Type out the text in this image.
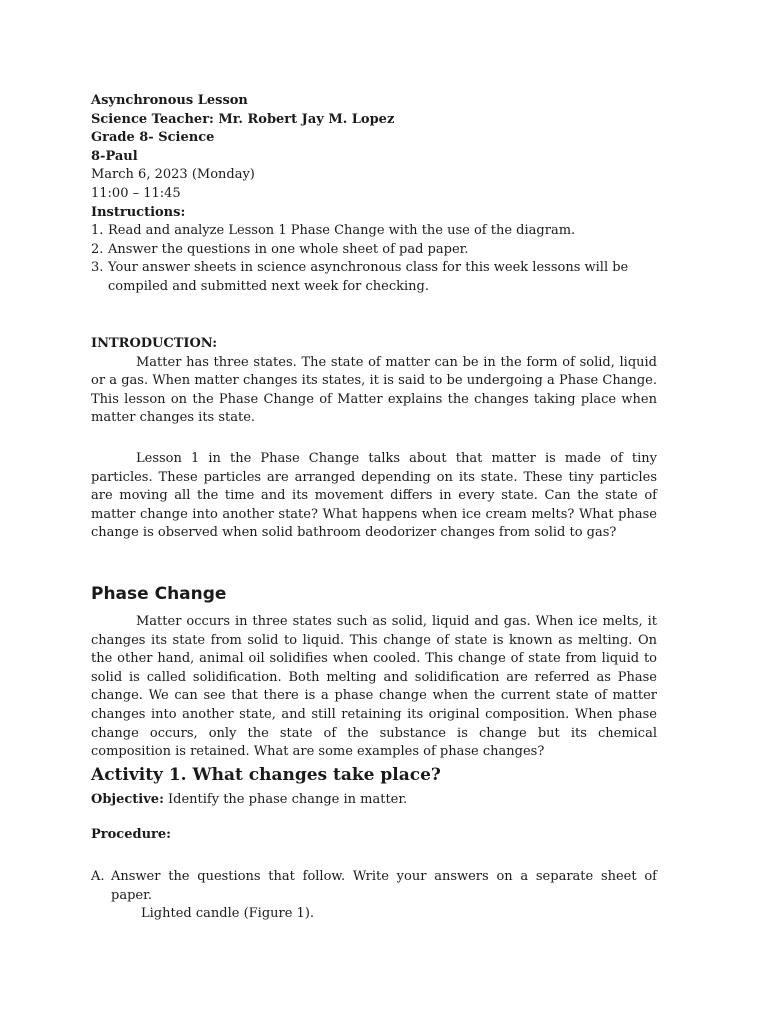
Asynchronous Lesson
Science Teacher: Mr. Robert Jay M. Lopez
Grade 8- Science
8-Paul
March 6, 2023 (Monday)
11:00 – 11:45
Instructions:
1. Read and analyze Lesson 1 Phase Change with the use of the diagram.
2. Answer the questions in one whole sheet of pad paper.
3. Your answer sheets in science asynchronous class for this week lessons will be compiled and submitted next week for checking.
INTRODUCTION:

Matter has three states. The state of matter can be in the form of solid, liquid or a gas. When matter changes its states, it is said to be undergoing a Phase Change. This lesson on the Phase Change of Matter explains the changes taking place when matter changes its state.

Lesson 1 in the Phase Change talks about that matter is made of tiny particles. These particles are arranged depending on its state. These tiny particles are moving all the time and its movement differs in every state. Can the state of matter change into another state? What happens when ice cream melts? What phase change is observed when solid bathroom deodorizer changes from solid to gas?

Phase Change

Matter occurs in three states such as solid, liquid and gas. When ice melts, it changes its state from solid to liquid. This change of state is known as melting. On the other hand, animal oil solidifies when cooled. This change of state from liquid to solid is called solidification. Both melting and solidification are referred as Phase change. We can see that there is a phase change when the current state of matter changes into another state, and still retaining its original composition. When phase change occurs, only the state of the substance is change but its chemical composition is retained. What are some examples of phase changes?

Activity 1. What changes take place?
Objective: Identify the phase change in matter.
Procedure:
A. Answer the questions that follow. Write your answers on a separate sheet of paper.
Lighted candle (Figure 1).
